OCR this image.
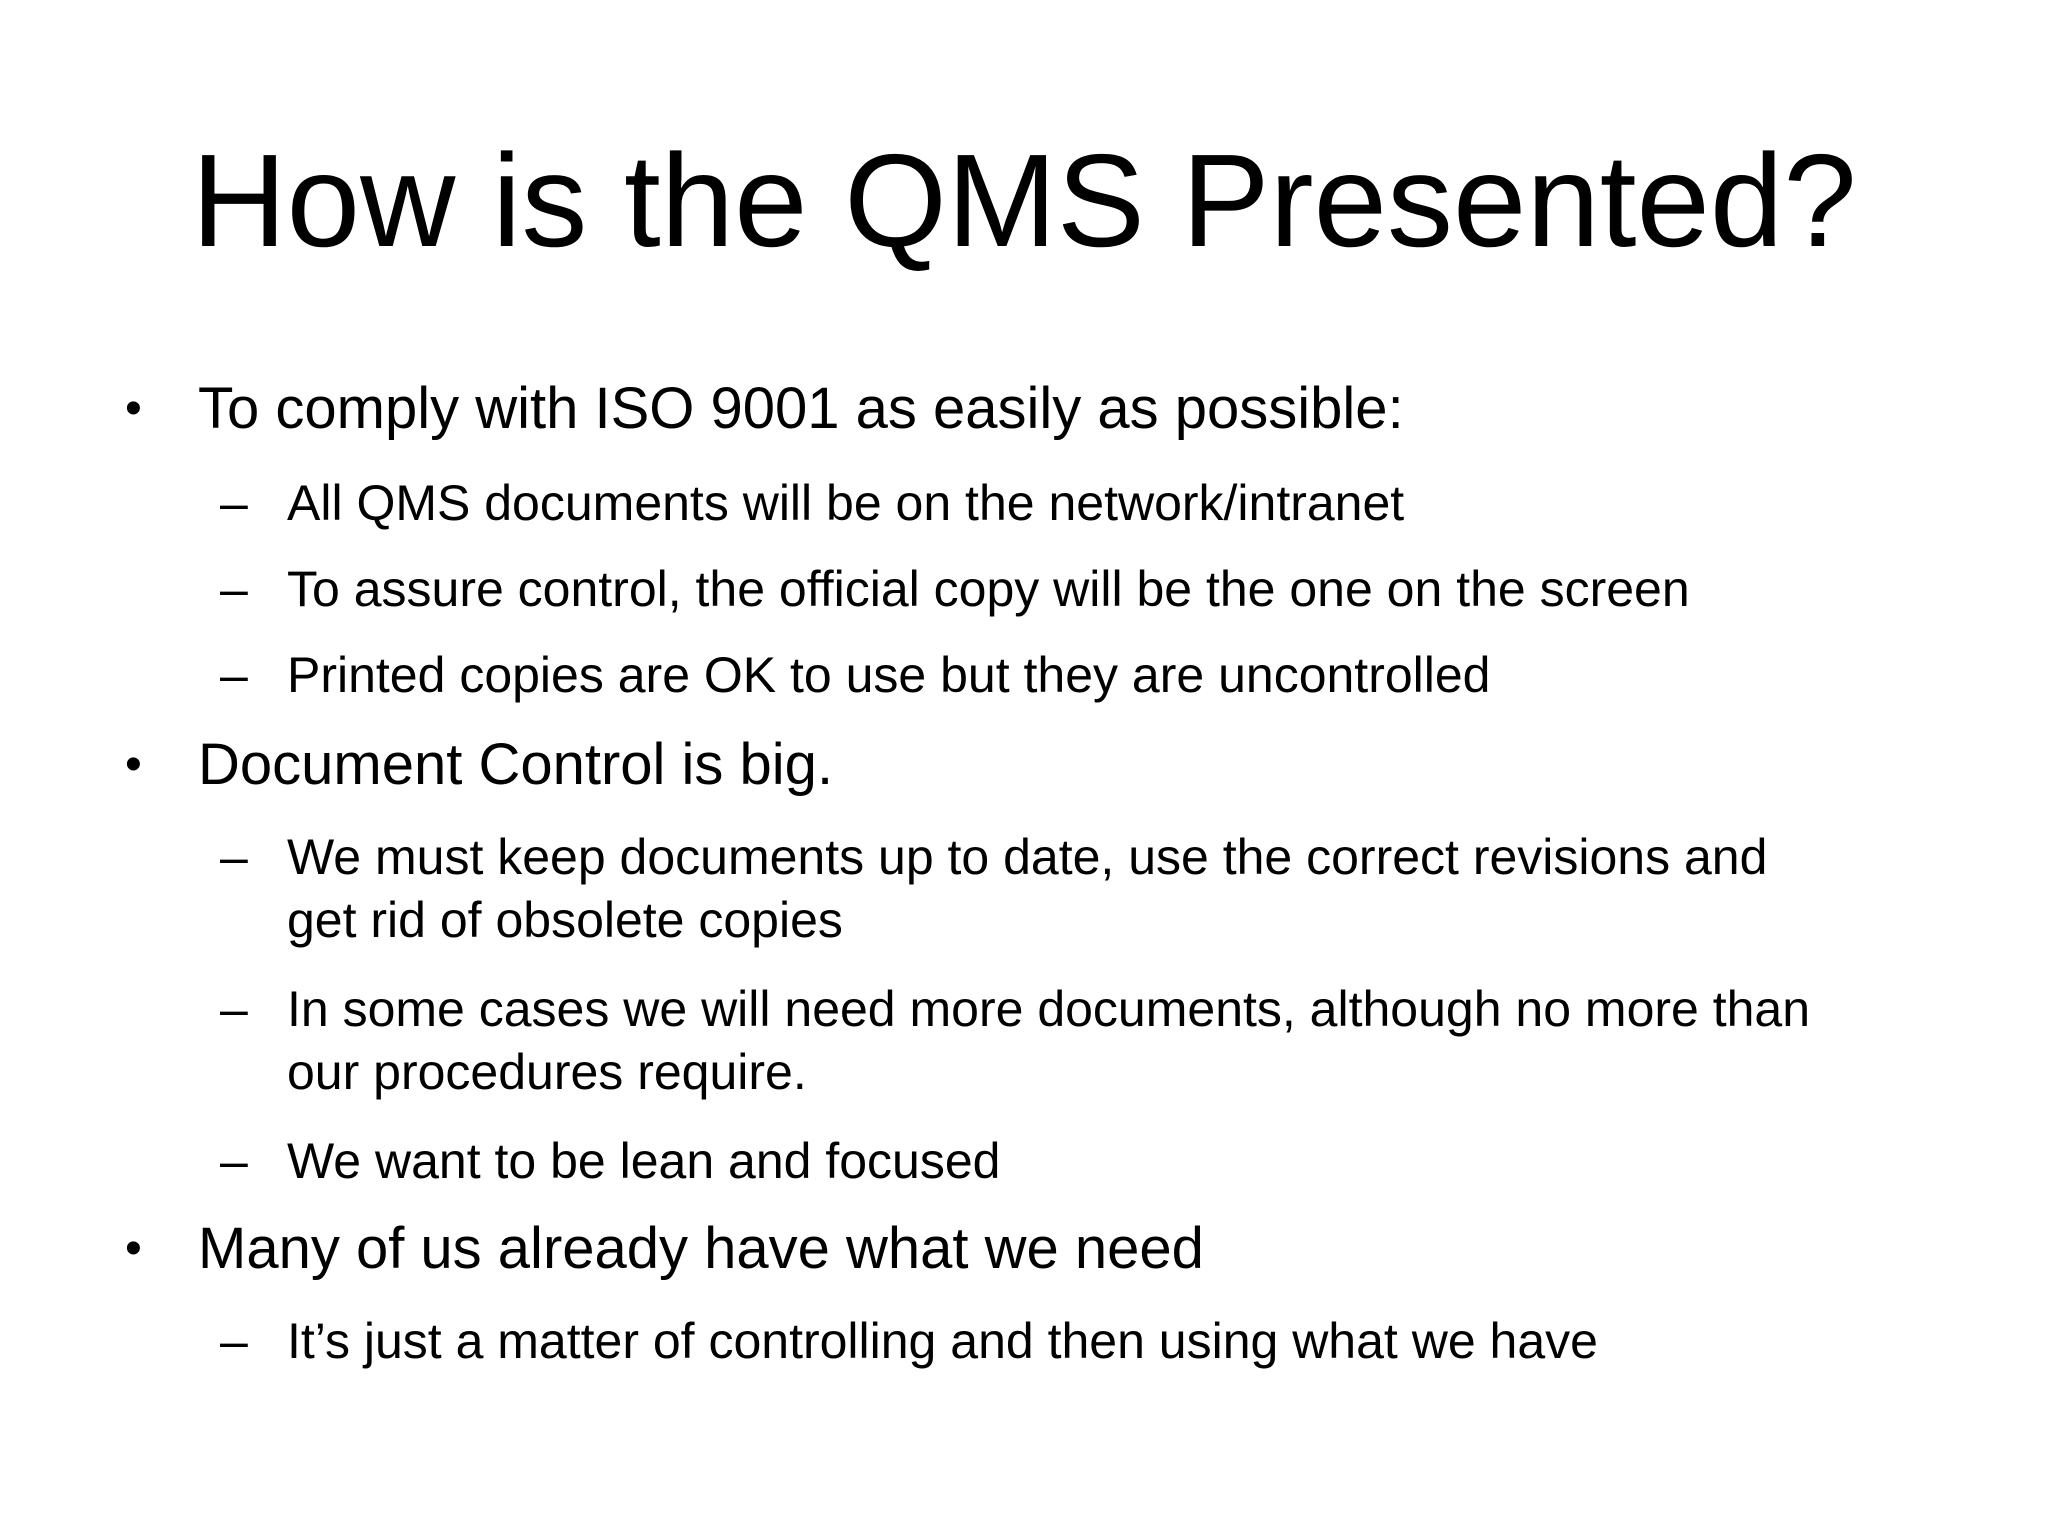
How is the QMS Presented?
• To comply with ISO 9001 as easily as possible:
– All QMS documents will be on the network/intranet
– To assure control, the official copy will be the one on the screen
– Printed copies are OK to use but they are uncontrolled
• Document Control is big.
– We must keep documents up to date, use the correct revisions and
get rid of obsolete copies
– In some cases we will need more documents, although no more than
our procedures require.
– We want to be lean and focused
• Many of us already have what we need
– It’s just a matter of controlling and then using what we have
